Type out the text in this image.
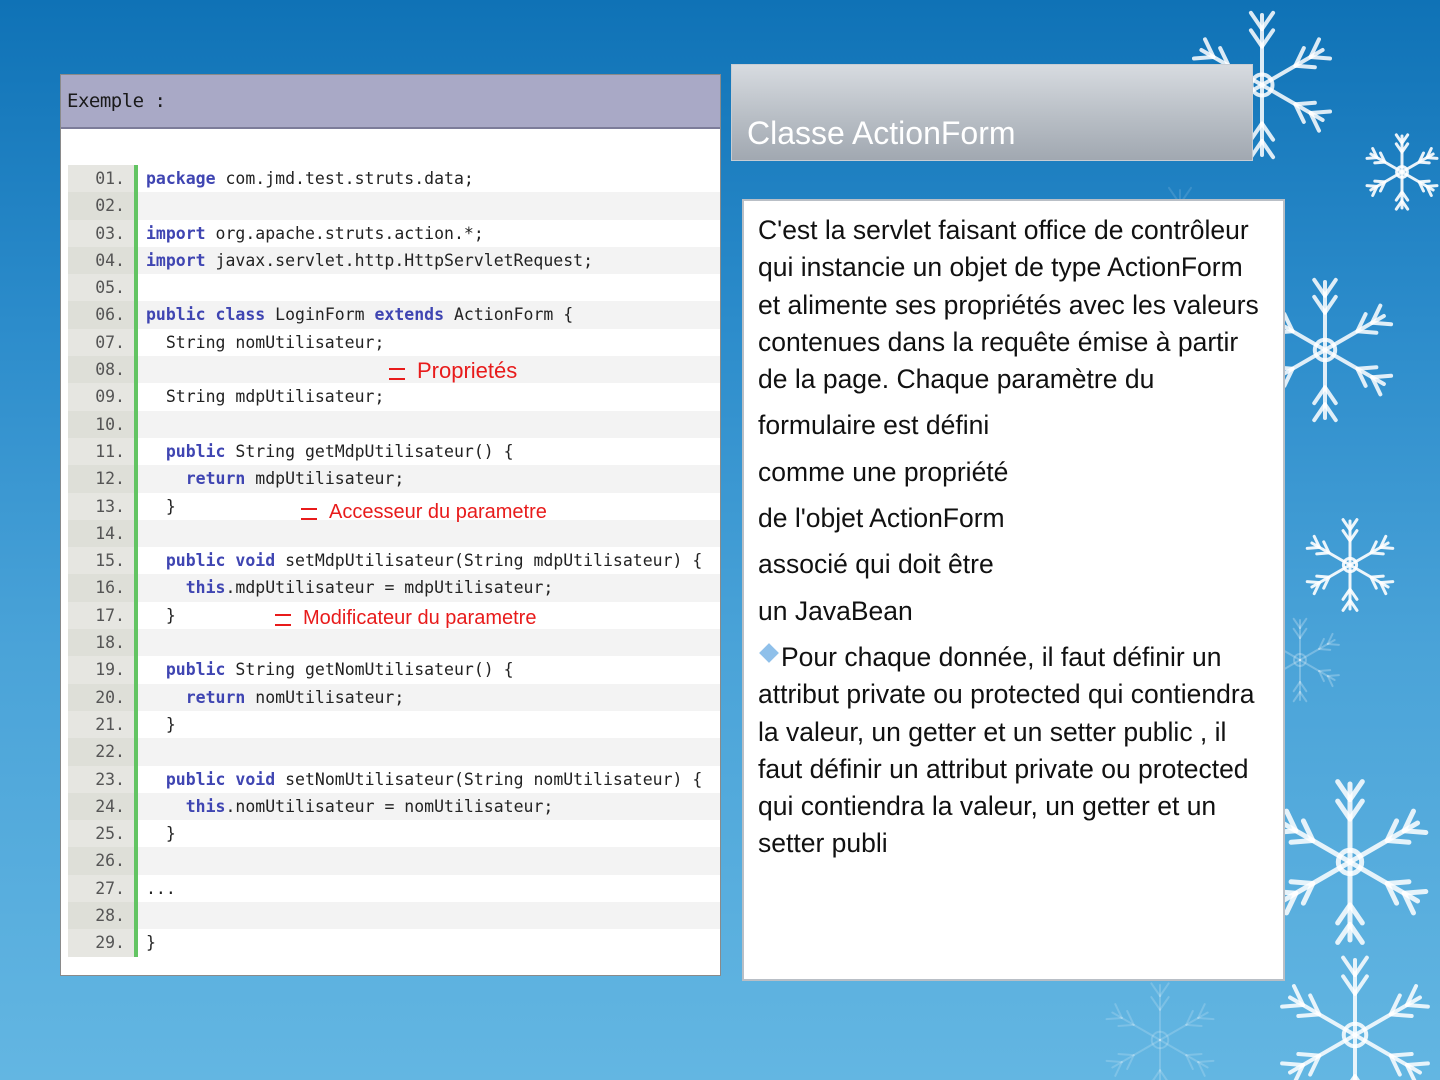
Exemple :
01. package com.jmd.test.struts.data;
02.
03. import org.apache.struts.action.*;
04. import javax.servlet.http.HttpServletRequest;
05.
06. public class LoginForm extends ActionForm {
07.  String nomUtilisateur;
08.
09.  String mdpUtilisateur;
10.
11. public String getMdpUtilisateur() {
12.	return mdpUtilisateur;
13.  }
14.
15. public void setMdpUtilisateur(String mdpUtilisateur) {
16.	this.mdpUtilisateur = mdpUtilisateur;
17.  }
18.
19. public String getNomUtilisateur() {
20.	return nomUtilisateur;
21.  }
22.
23. public void setNomUtilisateur(String nomUtilisateur) {
24.	this.nomUtilisateur = nomUtilisateur;
25.  }
26.
27. ...
28.
29. }
Proprietés
Accesseur du parametre
Modificateur du parametre
Classe ActionForm

C'est la servlet faisant office de contrôleur qui instancie un objet de type ActionForm et alimente ses propriétés avec les valeurs contenues dans la requête émise à partir de la page. Chaque paramètre du

formulaire est défini

comme une propriété

de l'objet ActionForm

associé qui doit être

un JavaBean

Pour chaque donnée, il faut définir un attribut private ou protected qui contiendra la valeur, un getter et un setter public , il faut définir un attribut private ou protected qui contiendra la valeur, un getter et un setter publi
